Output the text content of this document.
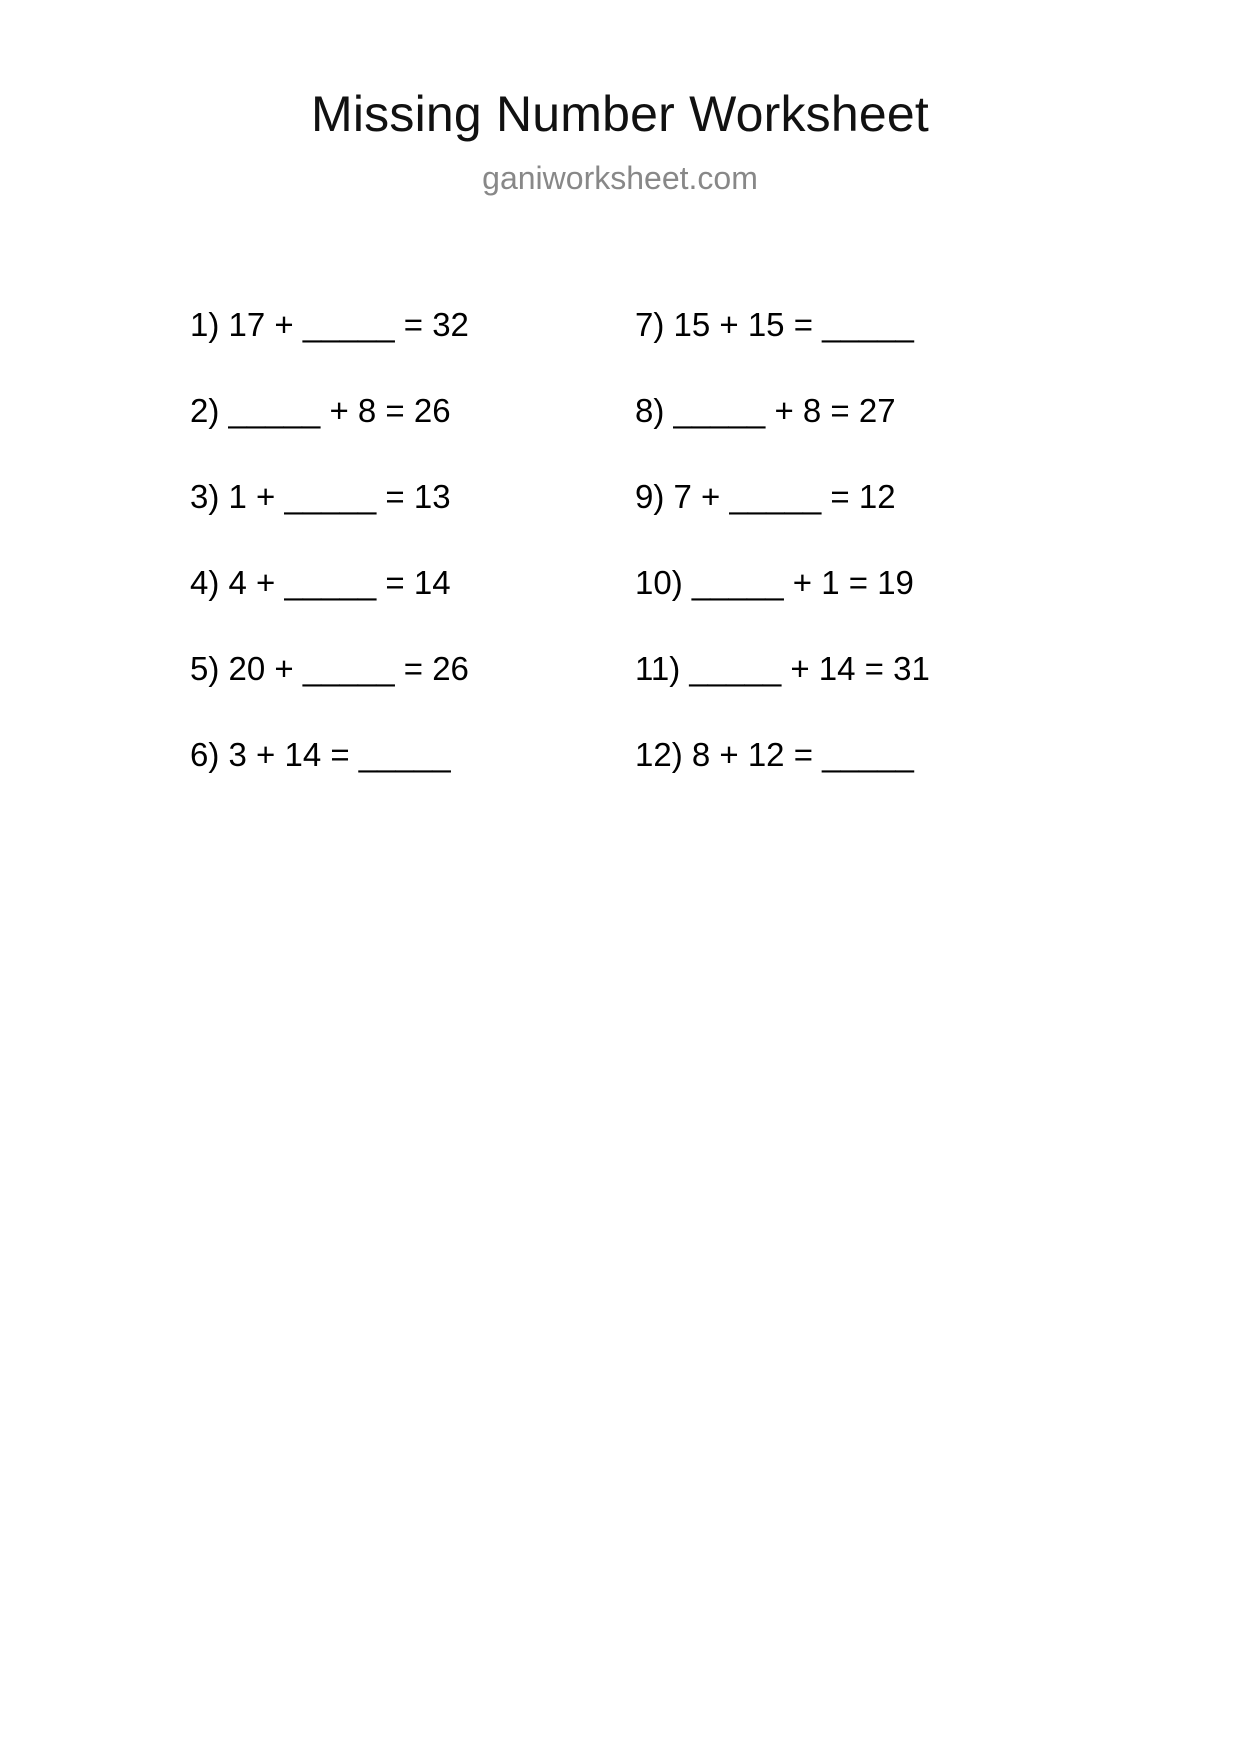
Missing Number Worksheet
ganiworksheet.com
1) 17 + _____ = 32
2) _____ + 8 = 26
3) 1 + _____ = 13
4) 4 + _____ = 14
5) 20 + _____ = 26
6) 3 + 14 = _____
7) 15 + 15 = _____
8) _____ + 8 = 27
9) 7 + _____ = 12
10) _____ + 1 = 19
11) _____ + 14 = 31
12) 8 + 12 = _____
